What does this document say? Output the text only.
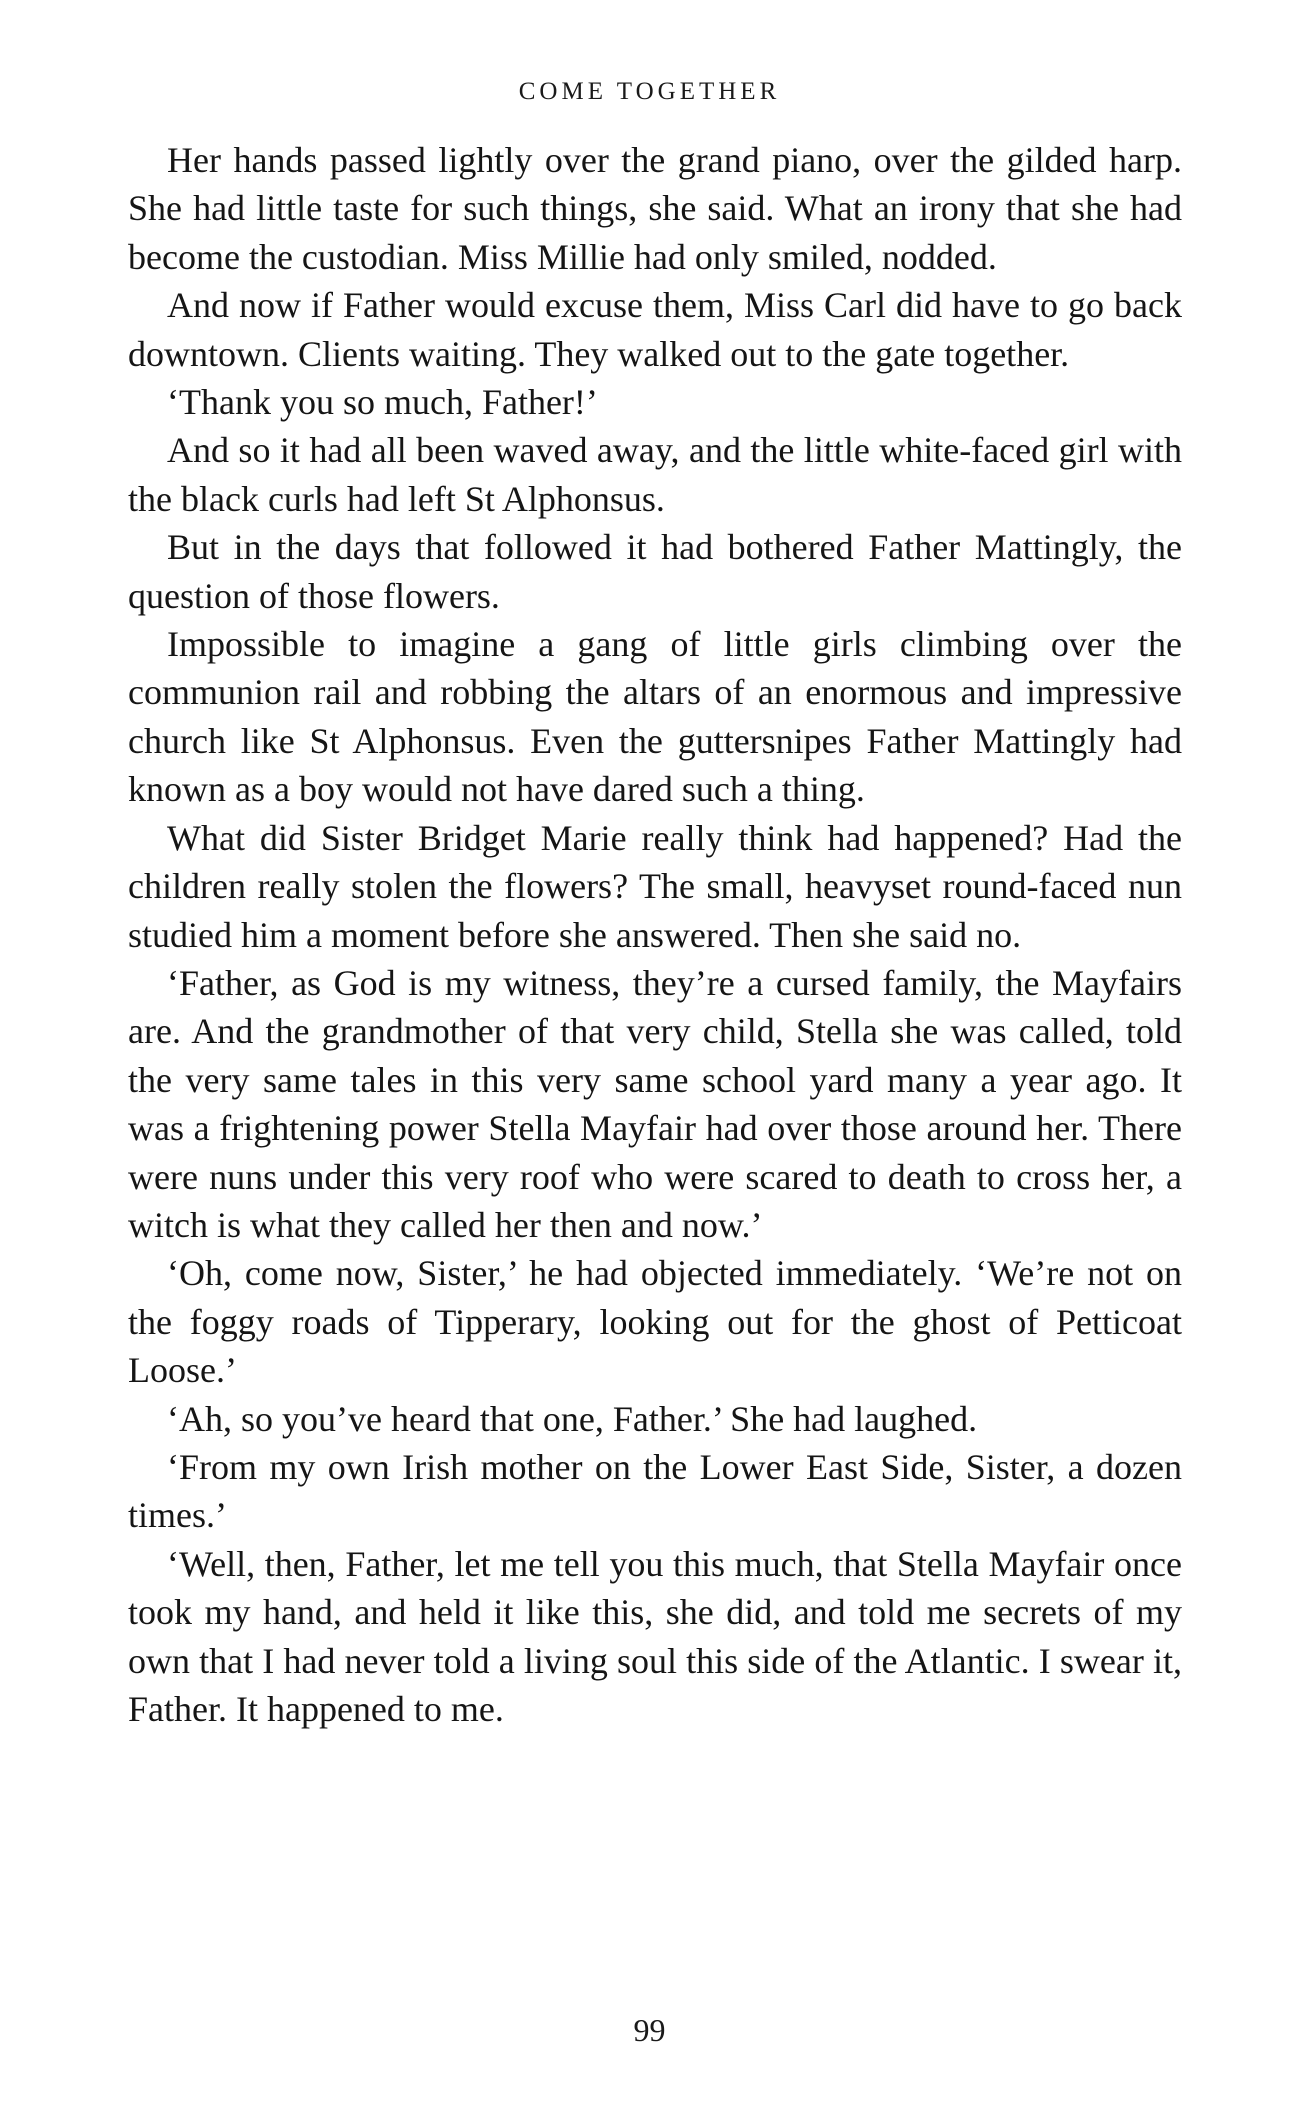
COME TOGETHER

Her hands passed lightly over the grand piano, over the gilded harp. She had little taste for such things, she said. What an irony that she had become the custodian. Miss Millie had only smiled, nodded.

And now if Father would excuse them, Miss Carl did have to go back downtown. Clients waiting. They walked out to the gate together.

‘Thank you so much, Father!’

And so it had all been waved away, and the little white-faced girl with the black curls had left St Alphonsus.

But in the days that followed it had bothered Father Mattingly, the question of those flowers.

Impossible to imagine a gang of little girls climbing over the communion rail and robbing the altars of an enormous and impressive church like St Alphonsus. Even the guttersnipes Father Mattingly had known as a boy would not have dared such a thing.

What did Sister Bridget Marie really think had happened? Had the children really stolen the flowers? The small, heavyset round-faced nun studied him a moment before she answered. Then she said no.

‘Father, as God is my witness, they’re a cursed family, the Mayfairs are. And the grandmother of that very child, Stella she was called, told the very same tales in this very same school yard many a year ago. It was a frightening power Stella Mayfair had over those around her. There were nuns under this very roof who were scared to death to cross her, a witch is what they called her then and now.’

‘Oh, come now, Sister,’ he had objected immediately. ‘We’re not on the foggy roads of Tipperary, looking out for the ghost of Petticoat Loose.’

‘Ah, so you’ve heard that one, Father.’ She had laughed.

‘From my own Irish mother on the Lower East Side, Sister, a dozen times.’

‘Well, then, Father, let me tell you this much, that Stella Mayfair once took my hand, and held it like this, she did, and told me secrets of my own that I had never told a living soul this side of the Atlantic. I swear it, Father. It happened to me.

99
